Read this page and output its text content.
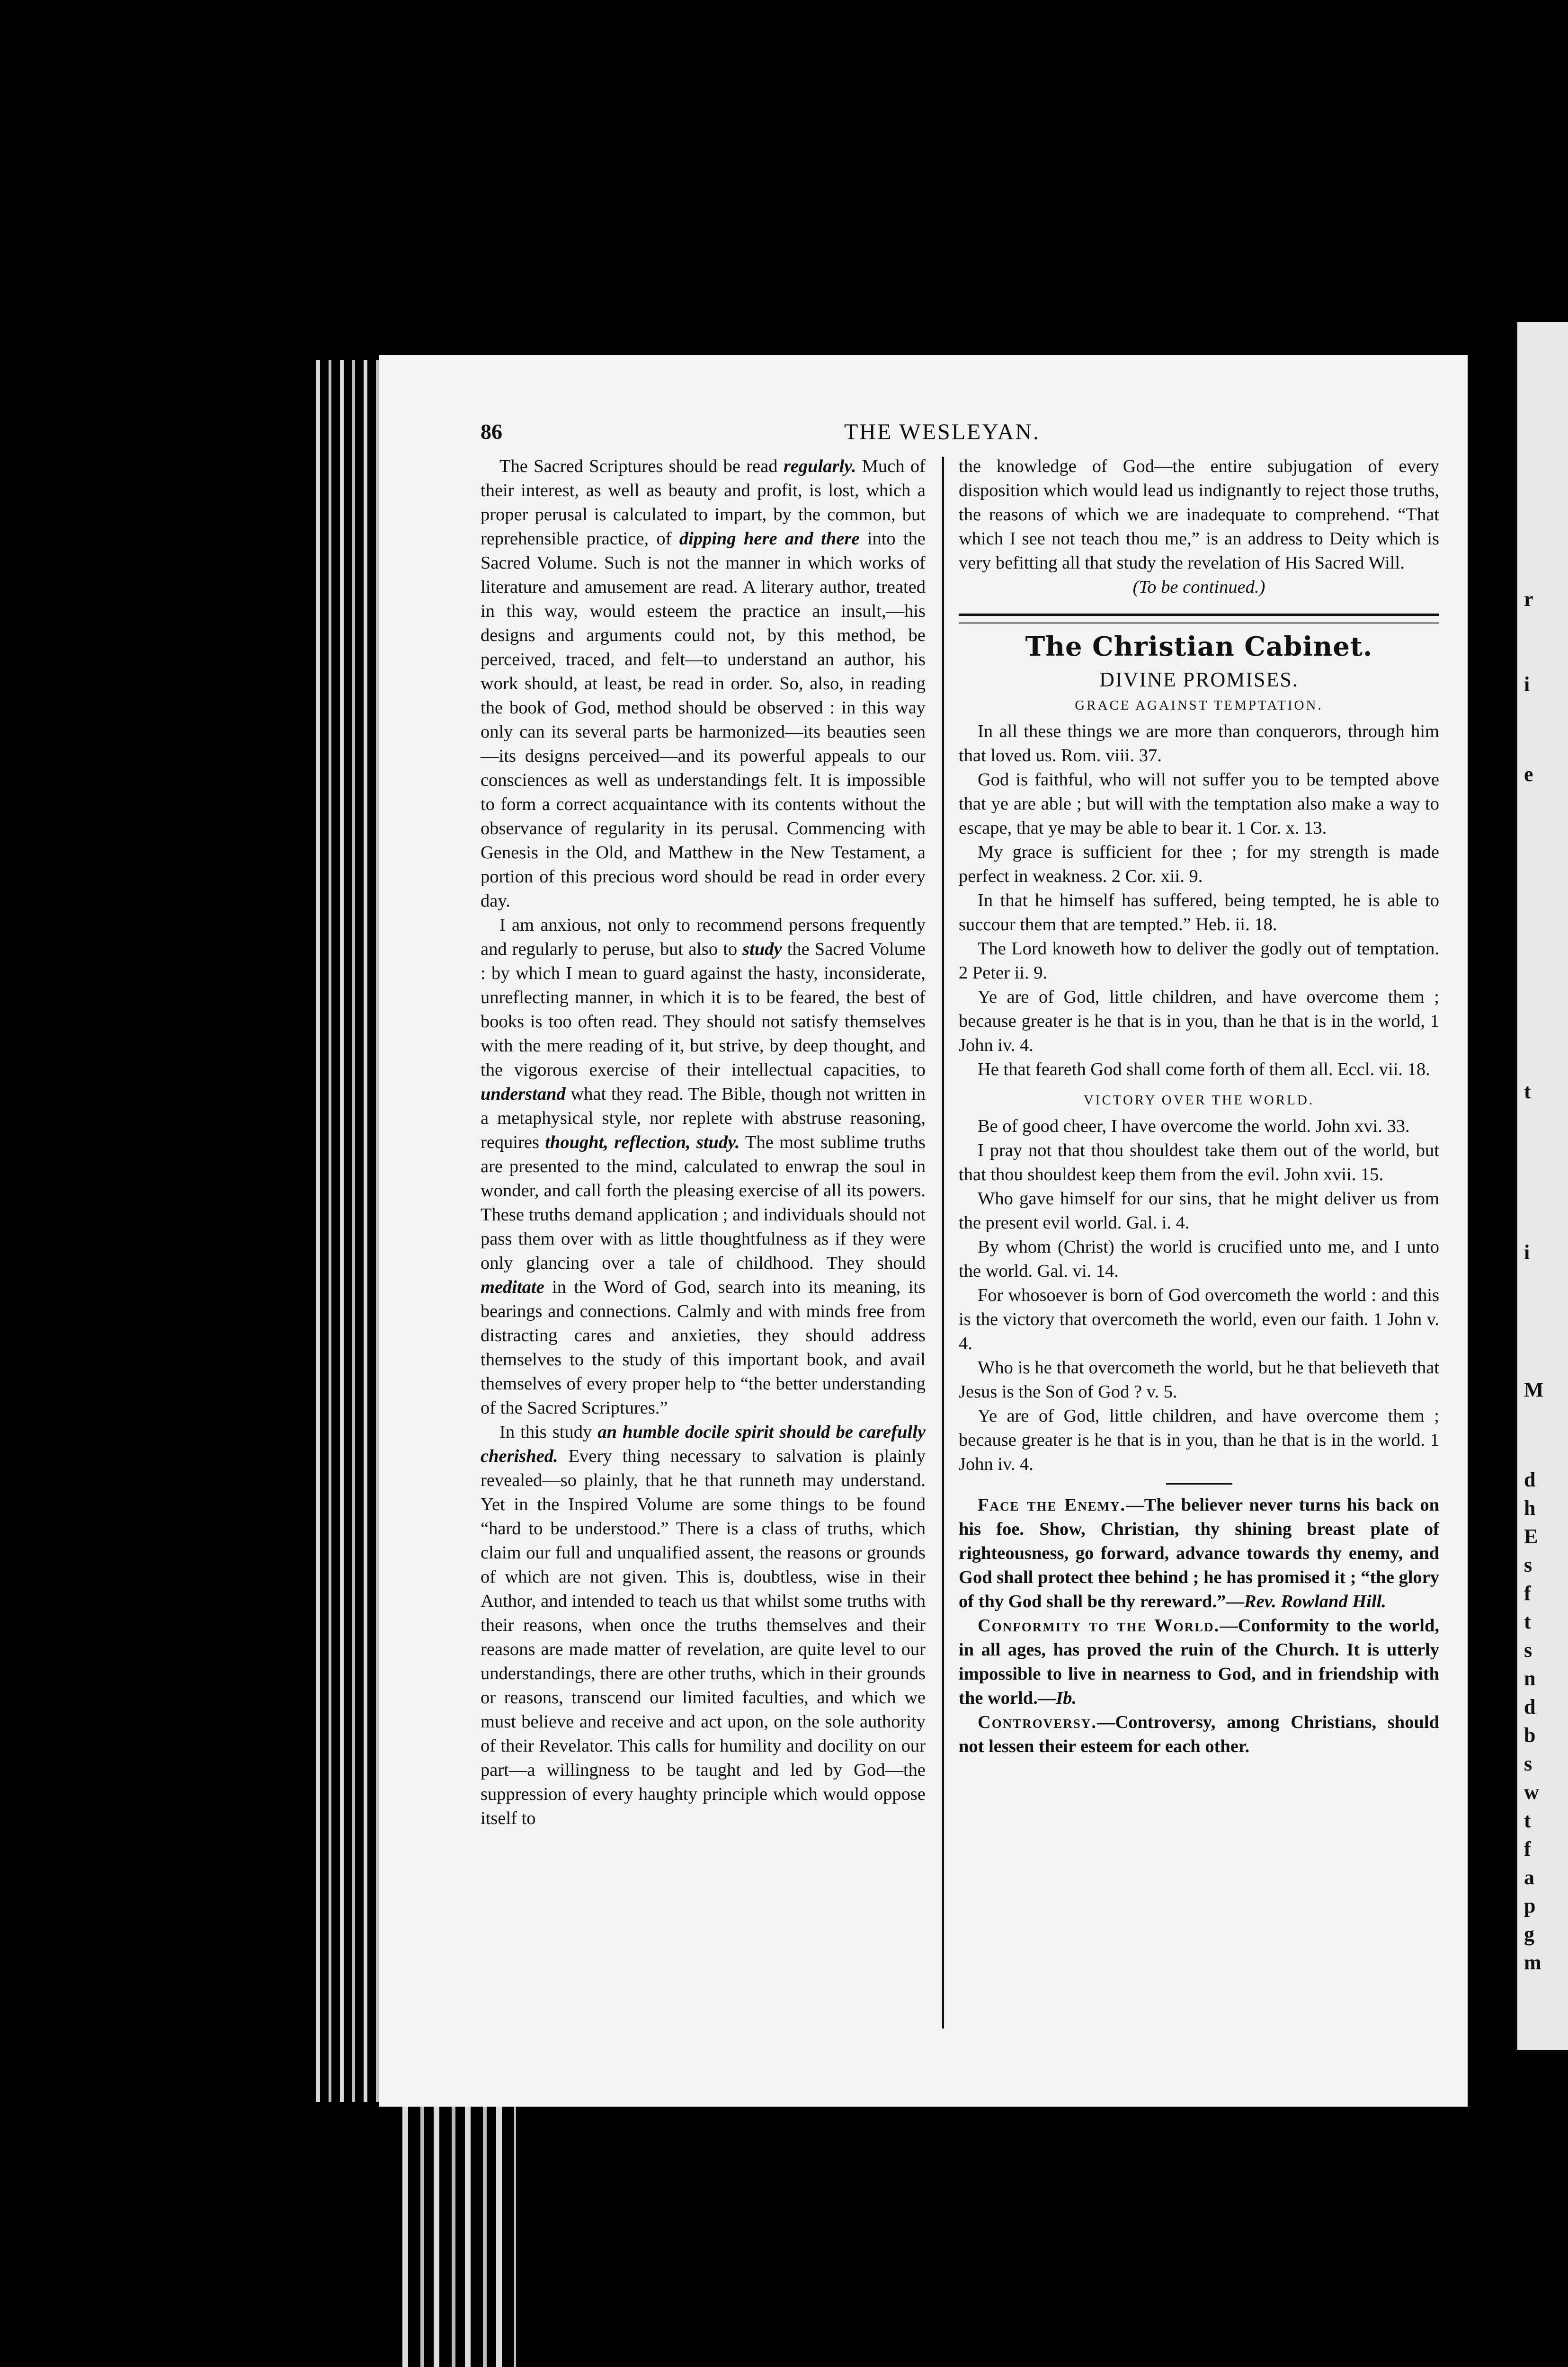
r
i
e
t
i
M
d
h
E
s
f
t
s
n
d
b
s
w
t
f
a
p
g
m
86	THE WESLEYAN.

The Sacred Scriptures should be read regularly. Much of their interest, as well as beauty and profit, is lost, which a proper perusal is calculated to impart, by the common, but reprehensible practice, of dipping here and there into the Sacred Volume. Such is not the manner in which works of literature and amusement are read. A literary author, treated in this way, would esteem the practice an insult,—his designs and arguments could not, by this method, be perceived, traced, and felt—to understand an author, his work should, at least, be read in order. So, also, in reading the book of God, method should be observed : in this way only can its several parts be harmonized—its beauties seen—its designs perceived—and its powerful appeals to our consciences as well as understandings felt. It is impossible to form a correct acquaintance with its contents without the observance of regularity in its perusal. Commencing with Genesis in the Old, and Matthew in the New Testament, a portion of this precious word should be read in order every day.

I am anxious, not only to recommend persons frequently and regularly to peruse, but also to study the Sacred Volume : by which I mean to guard against the hasty, inconsiderate, unreflecting manner, in which it is to be feared, the best of books is too often read. They should not satisfy themselves with the mere reading of it, but strive, by deep thought, and the vigorous exercise of their intellectual capacities, to understand what they read. The Bible, though not written in a metaphysical style, nor replete with abstruse reasoning, requires thought, reflection, study. The most sublime truths are presented to the mind, calculated to enwrap the soul in wonder, and call forth the pleasing exercise of all its powers. These truths demand application ; and individuals should not pass them over with as little thoughtfulness as if they were only glancing over a tale of childhood. They should meditate in the Word of God, search into its meaning, its bearings and connections. Calmly and with minds free from distracting cares and anxieties, they should address themselves to the study of this important book, and avail themselves of every proper help to “the better understanding of the Sacred Scriptures.”

In this study an humble docile spirit should be carefully cherished. Every thing necessary to salvation is plainly revealed—so plainly, that he that runneth may understand. Yet in the Inspired Volume are some things to be found “hard to be understood.” There is a class of truths, which claim our full and unqualified assent, the reasons or grounds of which are not given. This is, doubtless, wise in their Author, and intended to teach us that whilst some truths with their reasons, when once the truths themselves and their reasons are made matter of revelation, are quite level to our understandings, there are other truths, which in their grounds or reasons, transcend our limited faculties, and which we must believe and receive and act upon, on the sole authority of their Revelator. This calls for humility and docility on our part—a willingness to be taught and led by God—the suppression of every haughty principle which would oppose itself to

the knowledge of God—the entire subjugation of every disposition which would lead us indignantly to reject those truths, the reasons of which we are inadequate to comprehend. “That which I see not teach thou me,” is an address to Deity which is very befitting all that study the revelation of His Sacred Will.

(To be continued.)

The Christian Cabinet.
DIVINE PROMISES.
GRACE AGAINST TEMPTATION.

In all these things we are more than conquerors, through him that loved us. Rom. viii. 37.

God is faithful, who will not suffer you to be tempted above that ye are able ; but will with the temptation also make a way to escape, that ye may be able to bear it. 1 Cor. x. 13.

My grace is sufficient for thee ; for my strength is made perfect in weakness. 2 Cor. xii. 9.

In that he himself has suffered, being tempted, he is able to succour them that are tempted.” Heb. ii. 18.

The Lord knoweth how to deliver the godly out of temptation. 2 Peter ii. 9.

Ye are of God, little children, and have overcome them ; because greater is he that is in you, than he that is in the world, 1 John iv. 4.

He that feareth God shall come forth of them all. Eccl. vii. 18.

VICTORY OVER THE WORLD.

Be of good cheer, I have overcome the world. John xvi. 33.

I pray not that thou shouldest take them out of the world, but that thou shouldest keep them from the evil. John xvii. 15.

Who gave himself for our sins, that he might deliver us from the present evil world. Gal. i. 4.

By whom (Christ) the world is crucified unto me, and I unto the world. Gal. vi. 14.

For whosoever is born of God overcometh the world : and this is the victory that overcometh the world, even our faith. 1 John v. 4.

Who is he that overcometh the world, but he that believeth that Jesus is the Son of God ? v. 5.

Ye are of God, little children, and have overcome them ; because greater is he that is in you, than he that is in the world. 1 John iv. 4.

Face the Enemy.—The believer never turns his back on his foe. Show, Christian, thy shining breast plate of righteousness, go forward, advance towards thy enemy, and God shall protect thee behind ; he has promised it ; “the glory of thy God shall be thy rereward.”—Rev. Rowland Hill.

Conformity to the World.—Conformity to the world, in all ages, has proved the ruin of the Church. It is utterly impossible to live in nearness to God, and in friendship with the world.—Ib.

Controversy.—Controversy, among Christians, should not lessen their esteem for each other.
